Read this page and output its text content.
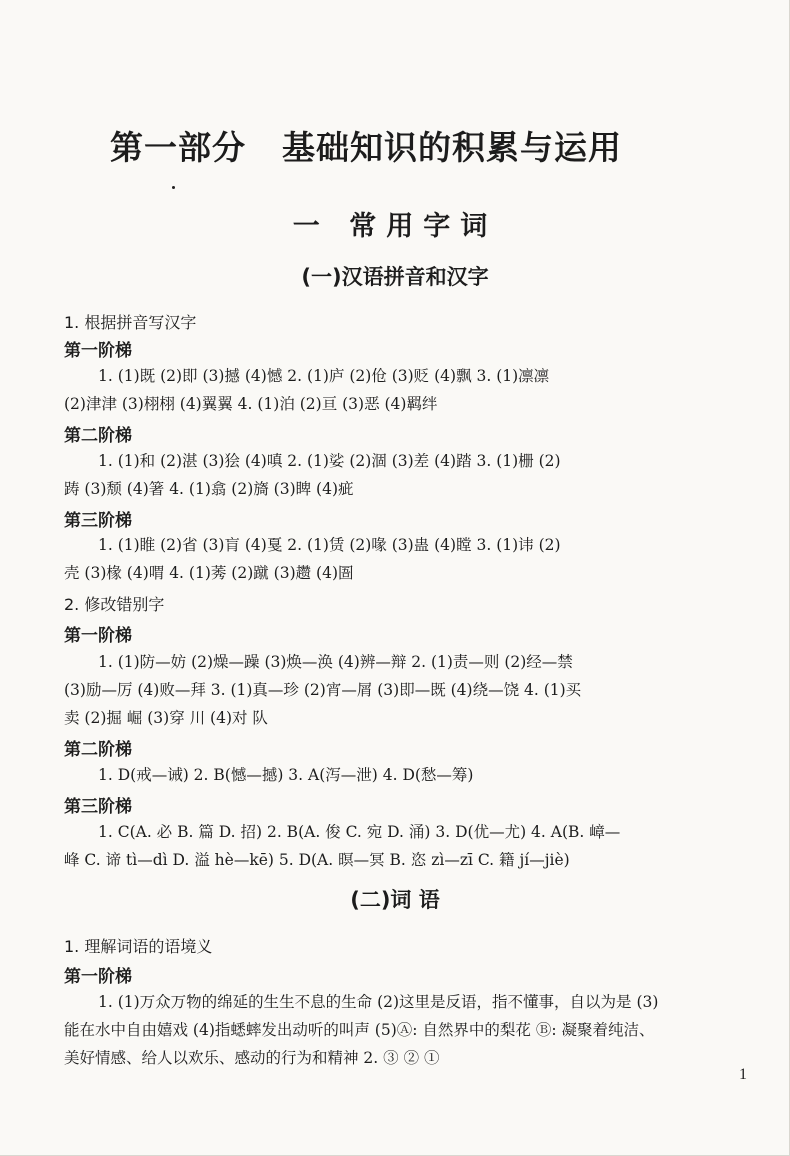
第一部分 基础知识的积累与运用
一 常用字词
(一)汉语拼音和汉字
1. 根据拼音写汉字
第一阶梯
1. (1)既 (2)即 (3)撼 (4)憾 2. (1)庐 (2)伧 (3)贬 (4)飘 3. (1)凛凛
(2)津津 (3)栩栩 (4)翼翼 4. (1)泊 (2)亘 (3)恶 (4)羁绊
第二阶梯
1. (1)和 (2)湛 (3)狯 (4)嗔 2. (1)娑 (2)涸 (3)差 (4)踏 3. (1)栅 (2)
踌 (3)颓 (4)箸 4. (1)翕 (2)旖 (3)睥 (4)疵
第三阶梯
1. (1)睢 (2)省 (3)肓 (4)戛 2. (1)赁 (2)喙 (3)蛊 (4)瞠 3. (1)讳 (2)
壳 (3)椽 (4)喟 4. (1)莠 (2)蹴 (3)趱 (4)圄
2. 修改错别字
第一阶梯
1. (1)防—妨 (2)燥—躁 (3)焕—涣 (4)辨—辩 2. (1)责—则 (2)经—禁
(3)励—厉 (4)败—拜 3. (1)真—珍 (2)宵—屑 (3)即—既 (4)绕—饶 4. (1)买
卖 (2)掘 崛 (3)穿 川 (4)对 队
第二阶梯
1. D(戒—诫) 2. B(憾—撼) 3. A(泻—泄) 4. D(愁—筹)
第三阶梯
1. C(A. 必 B. 篇 D. 招) 2. B(A. 俊 C. 宛 D. 涌) 3. D(优—尤) 4. A(B. 嶂—
峰 C. 谛 tì—dì D. 溢 hè—kē) 5. D(A. 暝—冥 B. 恣 zì—zī C. 籍 jí—jiè)
(二)词 语
1. 理解词语的语境义
第一阶梯
1. (1)万众万物的绵延的生生不息的生命 (2)这里是反语，指不懂事，自以为是 (3)
能在水中自由嬉戏 (4)指蟋蟀发出动听的叫声 (5)Ⓐ: 自然界中的梨花 Ⓑ: 凝聚着纯洁、
美好情感、给人以欢乐、感动的行为和精神 2. ③ ② ①
1
